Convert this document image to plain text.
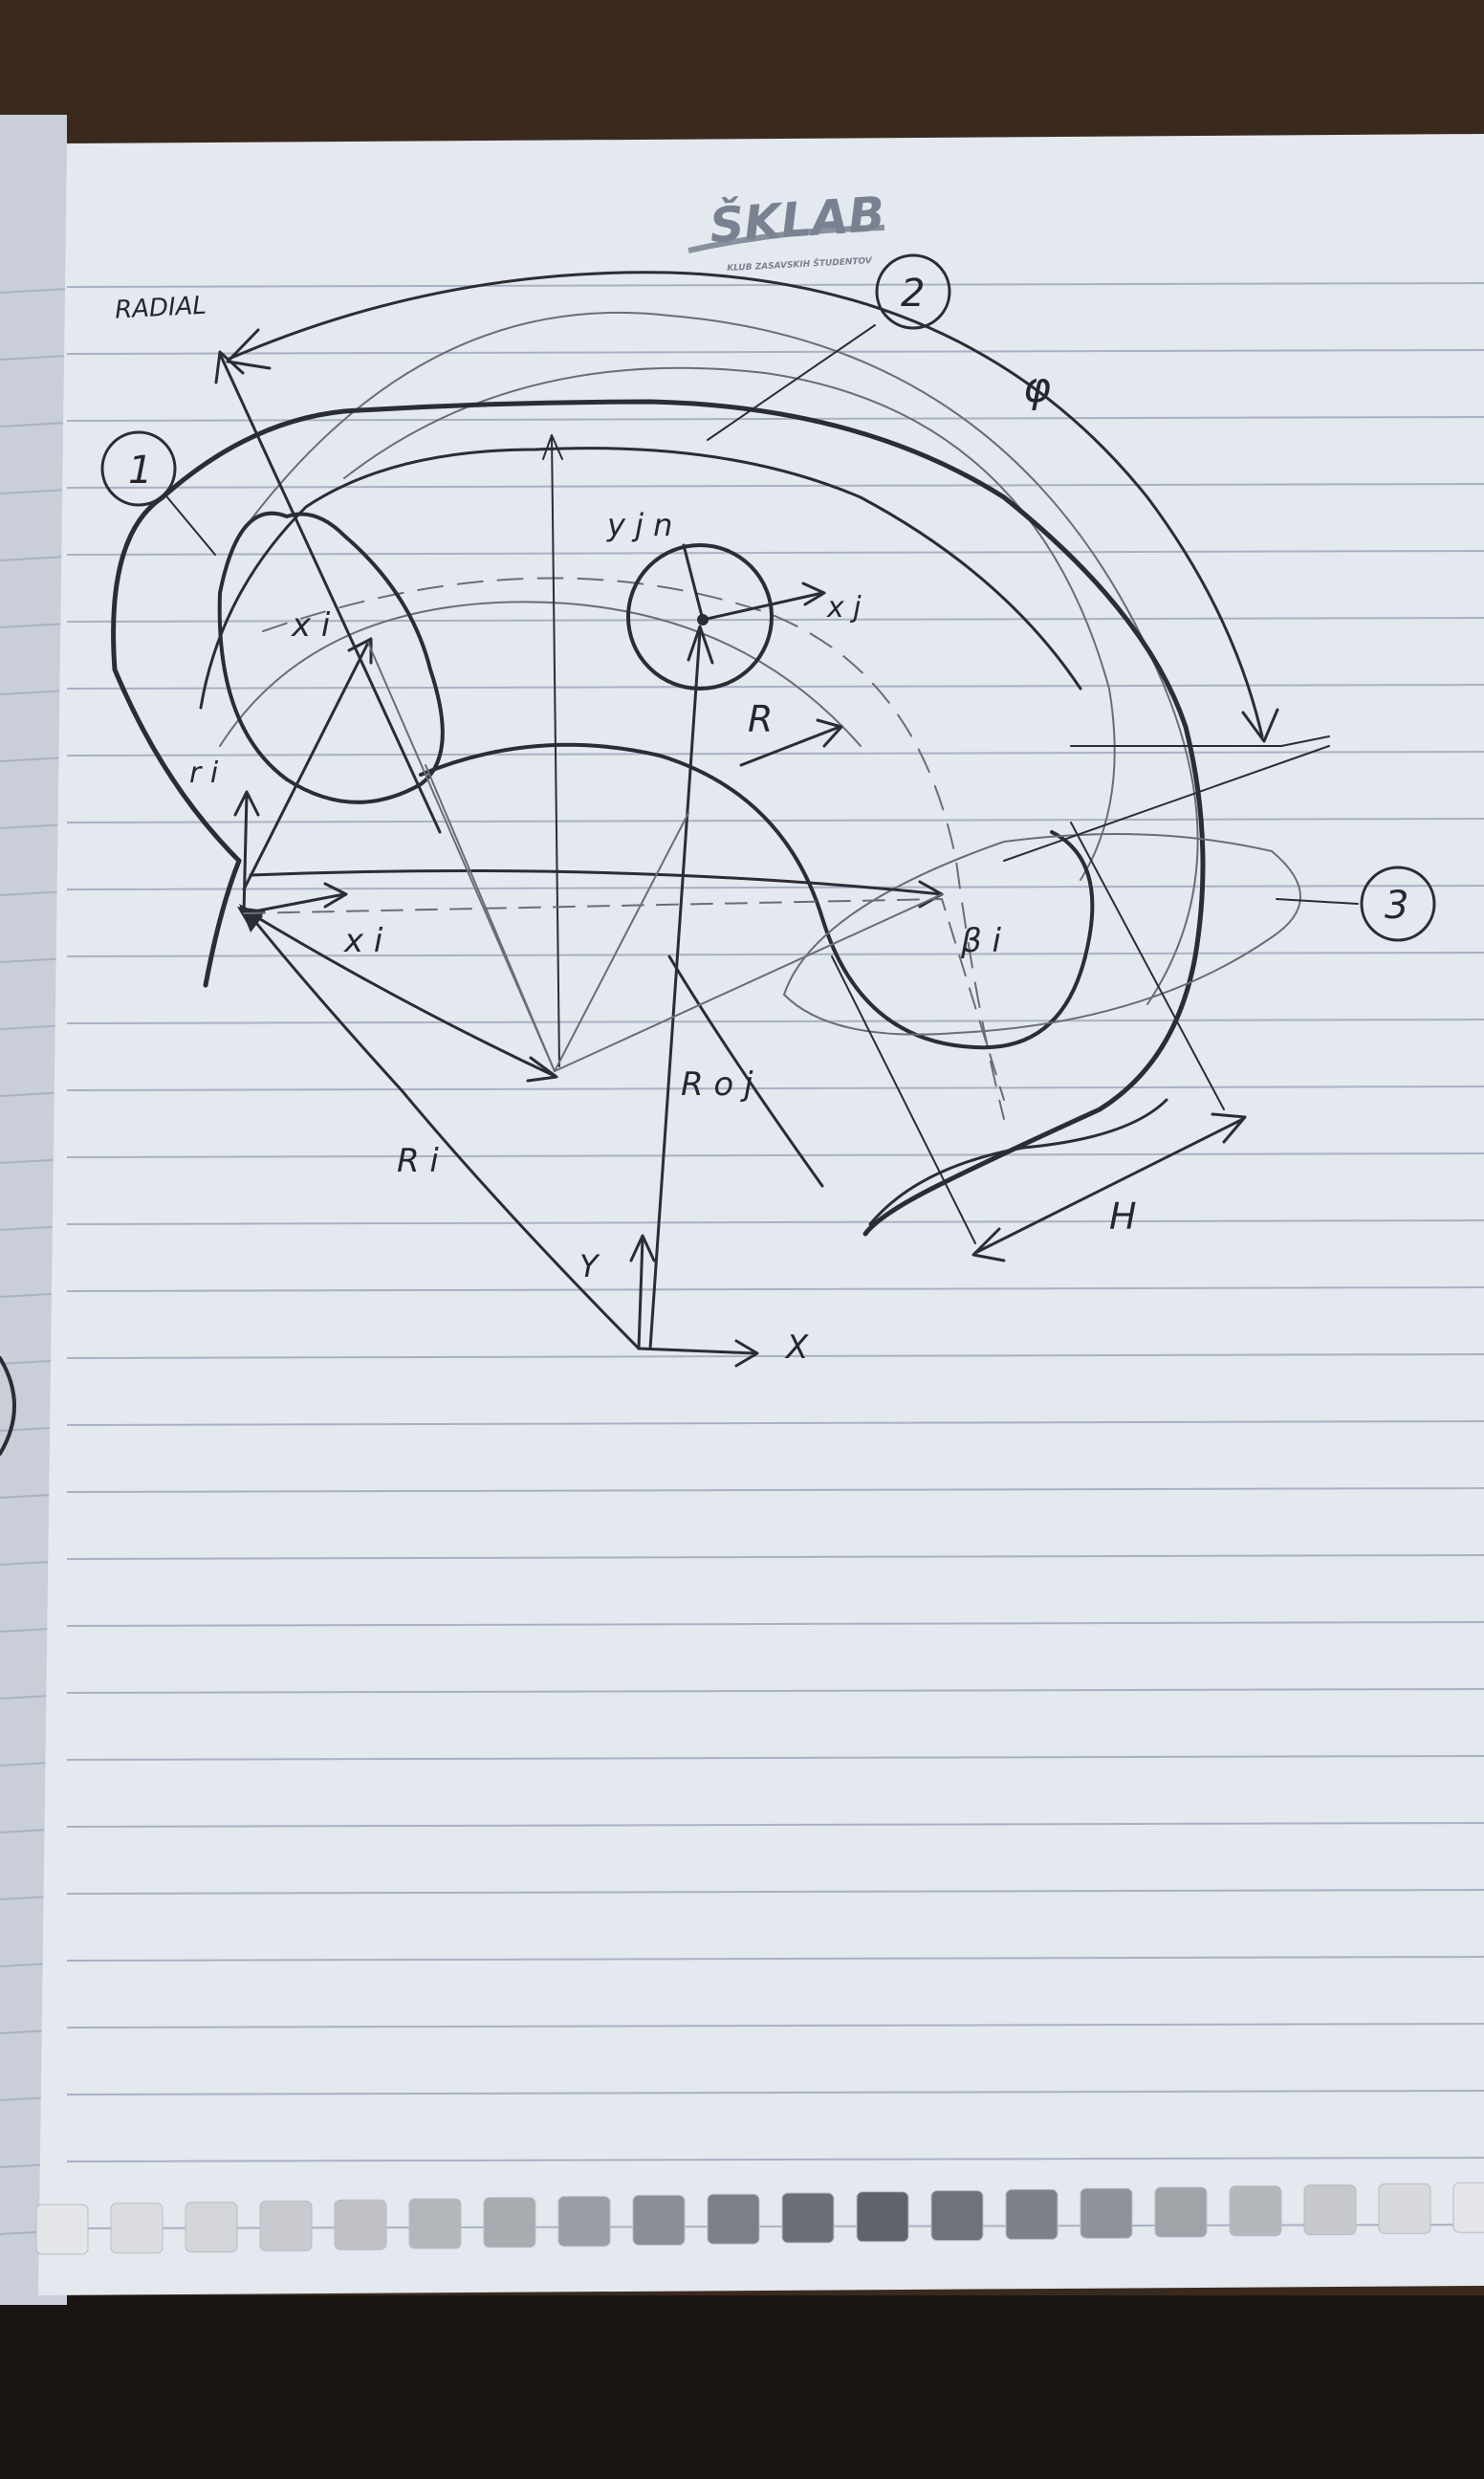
ŠKLAB
KLUB ZASAVSKIH ŠTUDENTOV
RADIAL
1
2
3
φ
x i
y j n
x j
R
r i
x i
R i
R o j
Y
X
β i
H
